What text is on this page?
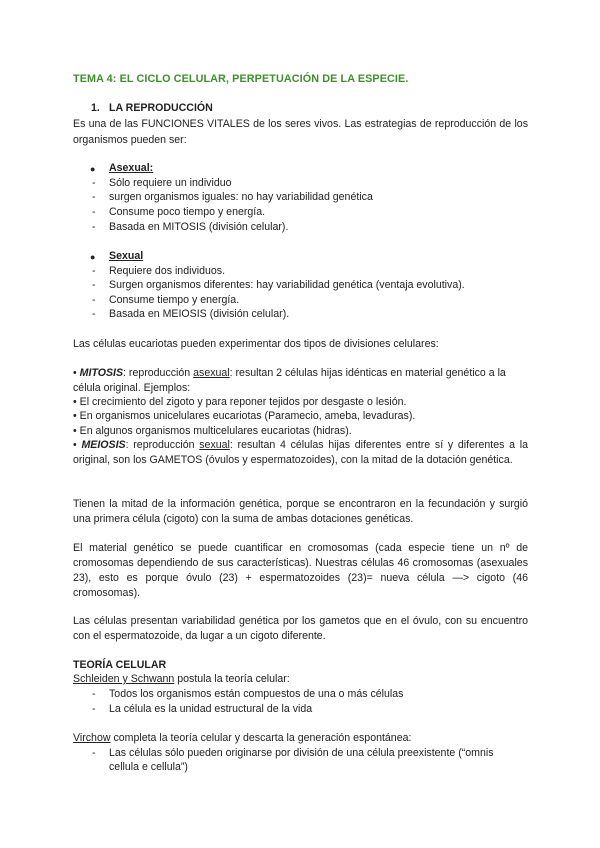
TEMA 4: EL CICLO CELULAR, PERPETUACIÓN DE LA ESPECIE.
1. LA REPRODUCCIÓN
Es una de las FUNCIONES VITALES de los seres vivos. Las estrategias de reproducción de los organismos pueden ser:
● Asexual:
- Sólo requiere un individuo
- surgen organismos iguales: no hay variabilidad genética
- Consume poco tiempo y energía.
- Basada en MITOSIS (división celular).
● Sexual
- Requiere dos individuos.
- Surgen organismos diferentes: hay variabilidad genética (ventaja evolutiva).
- Consume tiempo y energía.
- Basada en MEIOSIS (división celular).
Las células eucariotas pueden experimentar dos tipos de divisiones celulares:
• MITOSIS: reproducción asexual: resultan 2 células hijas idénticas en material genético a la
célula original. Ejemplos:
• El crecimiento del zigoto y para reponer tejidos por desgaste o lesión.
• En organismos unicelulares eucariotas (Paramecio, ameba, levaduras).
• En algunos organismos multicelulares eucariotas (hidras).
• MEIOSIS: reproducción sexual: resultan 4 células hijas diferentes entre sí y diferentes a la original, son los GAMETOS (óvulos y espermatozoides), con la mitad de la dotación genética.
Tienen la mitad de la información genética, porque se encontraron en la fecundación y surgió una primera célula (cigoto) con la suma de ambas dotaciones genéticas.
El material genético se puede cuantificar en cromosomas (cada especie tiene un nº de cromosomas dependiendo de sus características). Nuestras células 46 cromosomas (asexuales 23), esto es porque óvulo (23) + espermatozoides (23)= nueva célula —> cigoto (46 cromosomas).
Las células presentan variabilidad genética por los gametos que en el óvulo, con su encuentro con el espermatozoide, da lugar a un cigoto diferente.
TEORÍA CELULAR
Schleiden y Schwann postula la teoría celular:
- Todos los organismos están compuestos de una o más células
- La célula es la unidad estructural de la vida
Virchow completa la teoría celular y descarta la generación espontánea:
- Las células sólo pueden originarse por división de una célula preexistente (“omnis
cellula e cellula”)
